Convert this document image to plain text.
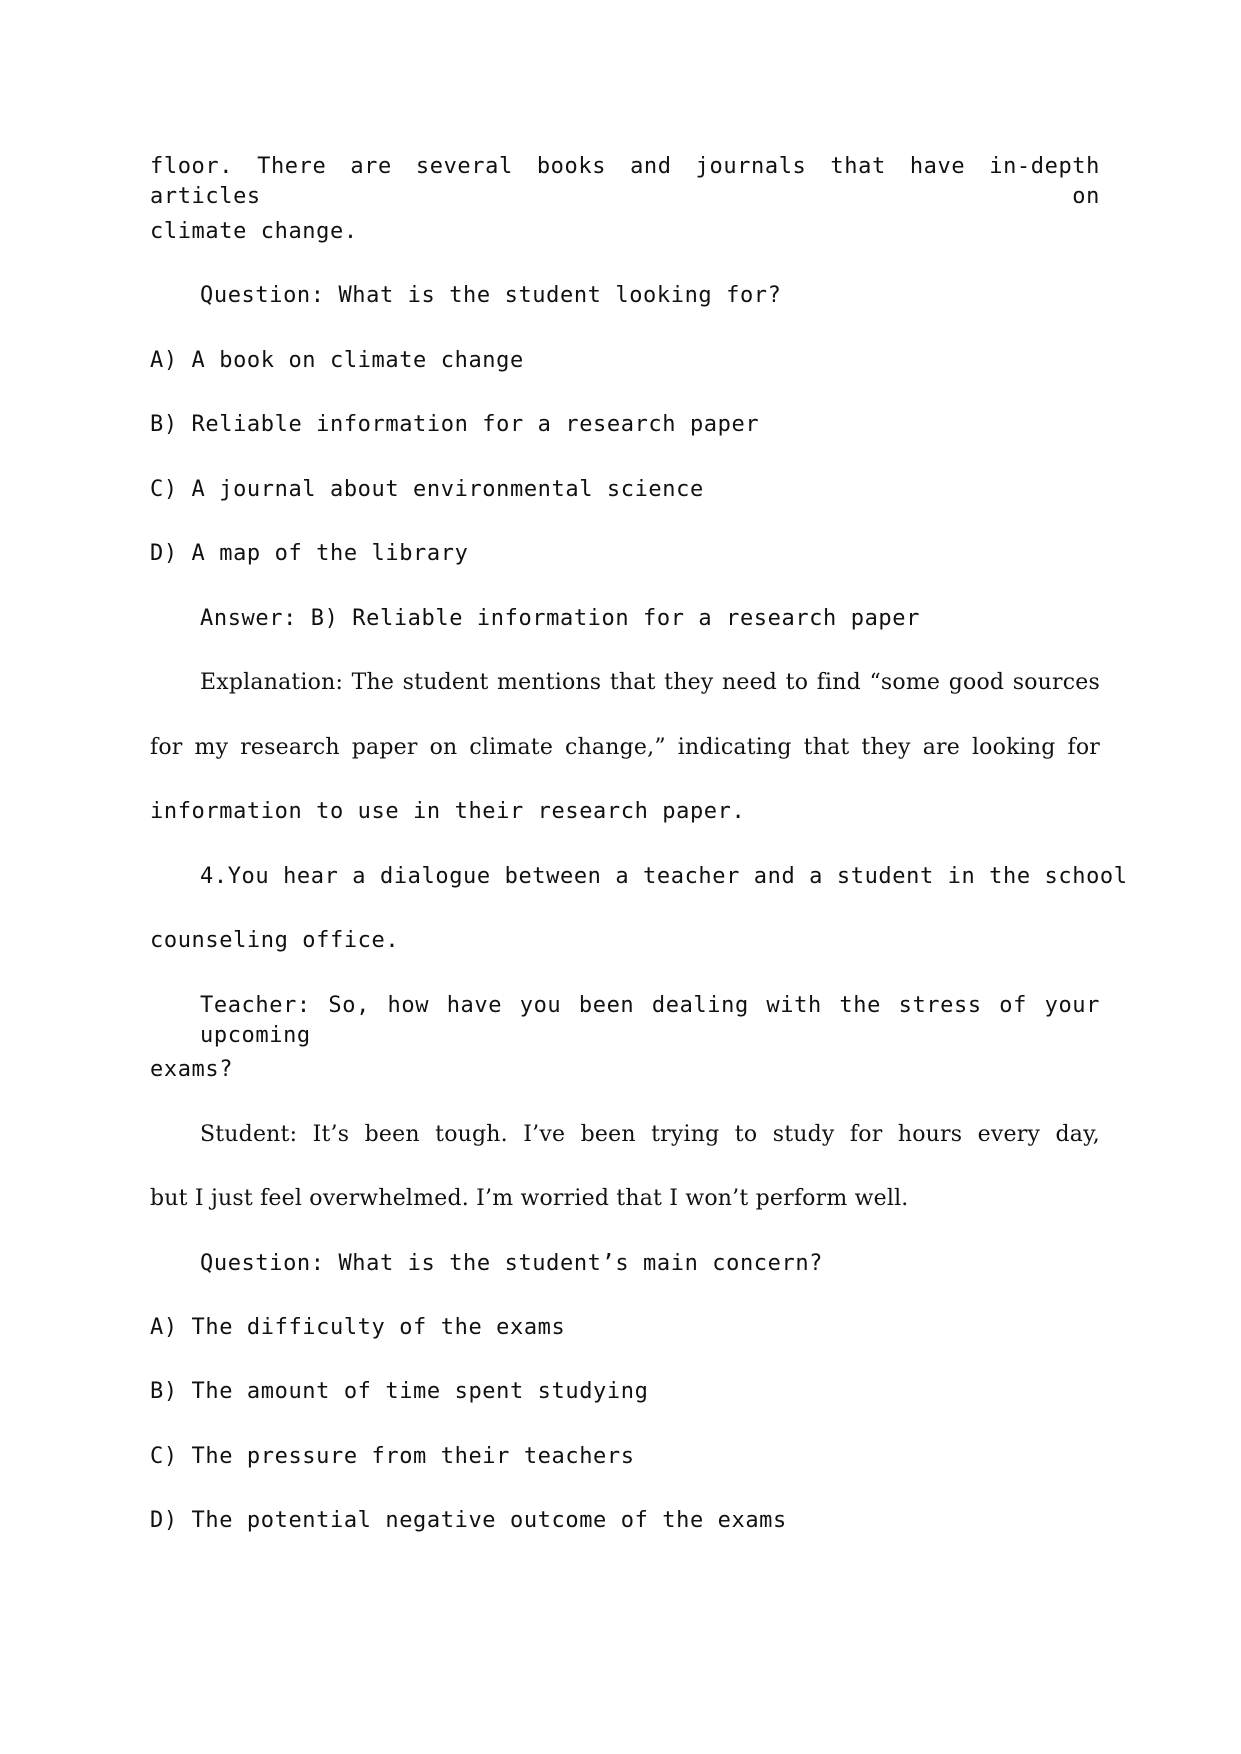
floor. There are several books and journals that have in-depth articles on
climate change.
Question: What is the student looking for?
A) A book on climate change
B) Reliable information for a research paper
C) A journal about environmental science
D) A map of the library
Answer: B) Reliable information for a research paper
Explanation: The student mentions that they need to find “some good sources
for my research paper on climate change,” indicating that they are looking for
information to use in their research paper.
4.You hear a dialogue between a teacher and a student in the school
counseling office.
Teacher: So, how have you been dealing with the stress of your upcoming
exams?
Student: It’s been tough. I’ve been trying to study for hours every day,
but I just feel overwhelmed. I’m worried that I won’t perform well.
Question: What is the student’s main concern?
A) The difficulty of the exams
B) The amount of time spent studying
C) The pressure from their teachers
D) The potential negative outcome of the exams
